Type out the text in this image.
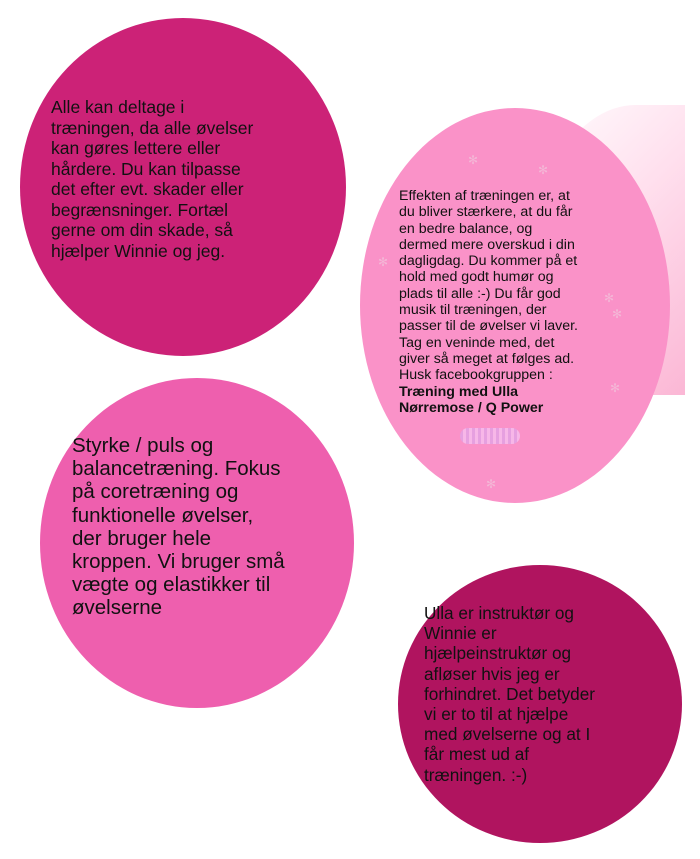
Alle kan deltage i
træningen, da alle øvelser
kan gøres lettere eller
hårdere. Du kan tilpasse
det efter evt. skader eller
begrænsninger. Fortæl
gerne om din skade, så
hjælper Winnie og jeg.

✻
✻
✻
✻
✻
✻
✻

Effekten af træningen er, at
du bliver stærkere, at du får
en bedre balance, og
dermed mere overskud i din
dagligdag. Du kommer på et
hold med godt humør og
plads til alle :-) Du får god
musik til træningen, der
passer til de øvelser vi laver.
Tag en veninde med, det
giver så meget at følges ad.
Husk facebookgruppen :
Træning med Ulla
Nørremose / Q Power

Styrke / puls og
balancetræning. Fokus
på coretræning og
funktionelle øvelser,
der bruger hele
kroppen. Vi bruger små
vægte og elastikker til
øvelserne	Ulla er instruktør og
Winnie er
hjælpeinstruktør og
afløser hvis jeg er
forhindret. Det betyder
vi er to til at hjælpe
med øvelserne og at I
får mest ud af
træningen. :-)
